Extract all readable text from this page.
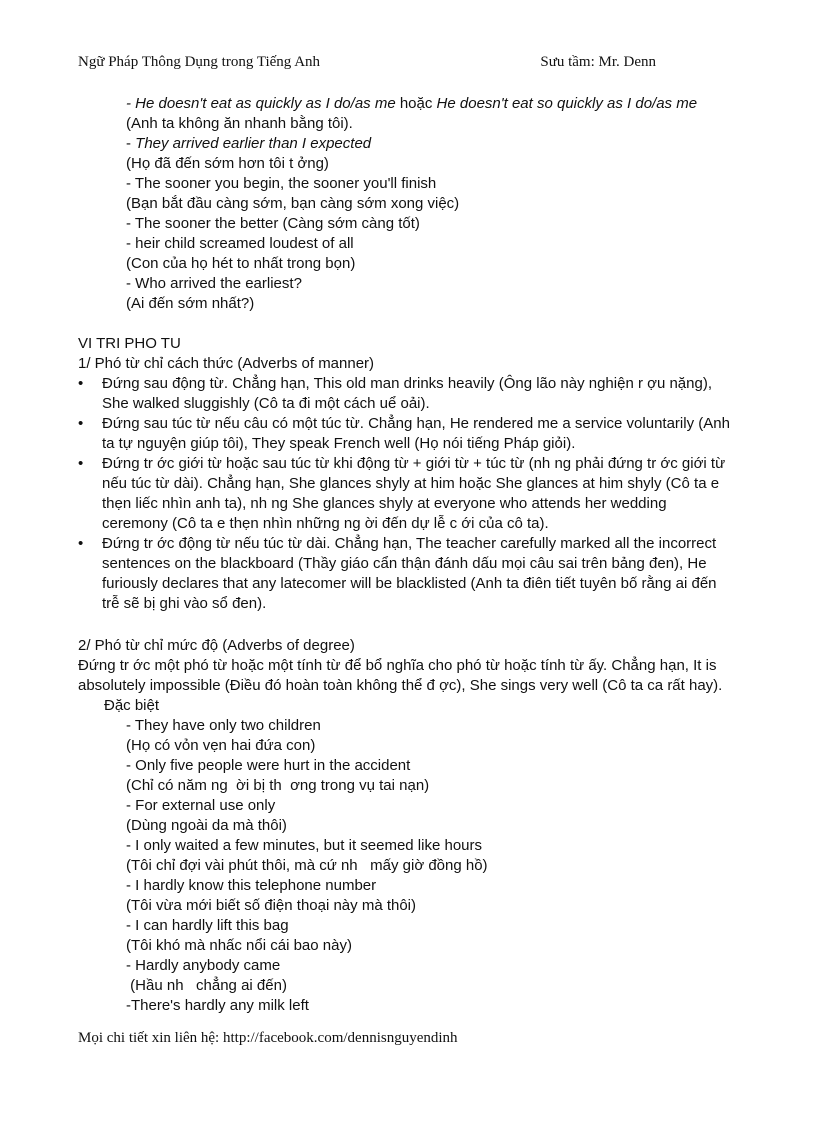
Ngữ Pháp Thông Dụng trong Tiếng Anh	Sưu tầm: Mr. Denn
- He doesn't eat as quickly as I do/as me hoặc He doesn't eat so quickly as I do/as me
(Anh ta không ăn nhanh bằng tôi).
- They arrived earlier than I expected
(Họ đã đến sớm hơn tôi t ởng)
- The sooner you begin, the sooner you'll finish
(Bạn bắt đầu càng sớm, bạn càng sớm xong việc)
- The sooner the better (Càng sớm càng tốt)
- heir child screamed loudest of all
(Con của họ hét to nhất trong bọn)
- Who arrived the earliest?
(Ai đến sớm nhất?)
VI TRI PHO TU
1/ Phó từ chỉ cách thức (Adverbs of manner)
• Đứng sau động từ. Chẳng hạn, This old man drinks heavily (Ông lão này nghiện r ợu nặng),
She walked sluggishly (Cô ta đi một cách uể oải).
• Đứng sau túc từ nếu câu có một túc từ. Chẳng hạn, He rendered me a service voluntarily (Anh
ta tự nguyện giúp tôi), They speak French well (Họ nói tiếng Pháp giỏi).
• Đứng tr ớc giới từ hoặc sau túc từ khi động từ + giới từ + túc từ (nh ng phải đứng tr ớc giới từ
nếu túc từ dài). Chẳng hạn, She glances shyly at him hoặc She glances at him shyly (Cô ta e
thẹn liếc nhìn anh ta), nh ng She glances shyly at everyone who attends her wedding
ceremony (Cô ta e thẹn nhìn những ng ời đến dự lễ c ới của cô ta).
• Đứng tr ớc động từ nếu túc từ dài. Chẳng hạn, The teacher carefully marked all the incorrect
sentences on the blackboard (Thầy giáo cẩn thận đánh dấu mọi câu sai trên bảng đen), He
furiously declares that any latecomer will be blacklisted (Anh ta điên tiết tuyên bố rằng ai đến
trễ sẽ bị ghi vào sổ đen).
2/ Phó từ chỉ mức độ (Adverbs of degree)
Đứng tr ớc một phó từ hoặc một tính từ để bổ nghĩa cho phó từ hoặc tính từ ấy. Chẳng hạn, It is
absolutely impossible (Điều đó hoàn toàn không thể đ ợc), She sings very well (Cô ta ca rất hay).
Đặc biệt
- They have only two children
(Họ có vỏn vẹn hai đứa con)
- Only five people were hurt in the accident
(Chỉ có năm ng  ời bị th  ơng trong vụ tai nạn)
- For external use only
(Dùng ngoài da mà thôi)
- I only waited a few minutes, but it seemed like hours
(Tôi chỉ đợi vài phút thôi, mà cứ nh   mấy giờ đồng hồ)
- I hardly know this telephone number
(Tôi vừa mới biết số điện thoại này mà thôi)
- I can hardly lift this bag
(Tôi khó mà nhấc nổi cái bao này)
- Hardly anybody came
(Hầu nh   chẳng ai đến)
-There's hardly any milk left
Mọi chi tiết xin liên hệ: http://facebook.com/dennisnguyendinh
